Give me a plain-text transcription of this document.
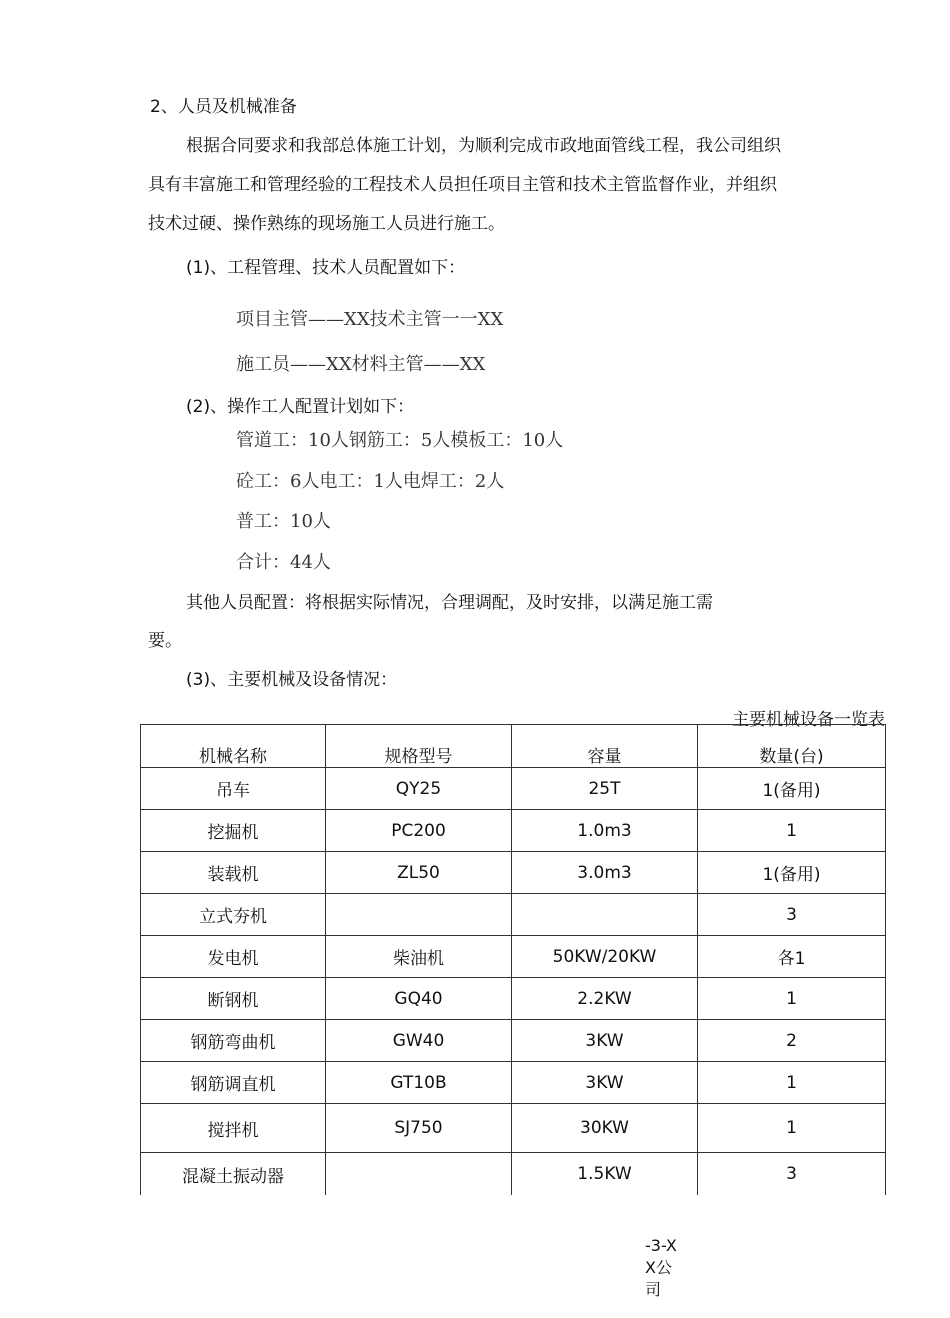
2、人员及机械准备
根据合同要求和我部总体施工计划，为顺利完成市政地面管线工程，我公司组织
具有丰富施工和管理经验的工程技术人员担任项目主管和技术主管监督作业，并组织
技术过硬、操作熟练的现场施工人员进行施工。
(1)、工程管理、技术人员配置如下：
项目主管——XX技术主管一一XX
施工员——XX材料主管——XX
(2)、操作工人配置计划如下：
管道工：10人钢筋工：5人模板工：10人
砼工：6人电工：1人电焊工：2人
普工：10人
合计：44人
其他人员配置：将根据实际情况，合理调配，及时安排，以满足施工需
要。
(3)、主要机械及设备情况：
主要机械设备一览表
机械名称	规格型号	容量	数量(台)
吊车	QY25	25T	1(备用)
挖掘机	PC200	1.0m3	1
装载机	ZL50	3.0m3	1(备用)
立式夯机			3
发电机	柴油机	50KW/20KW	各1
断钢机	GQ40	2.2KW	1
钢筋弯曲机	GW40	3KW	2
钢筋调直机	GT10B	3KW	1
搅拌机	SJ750	30KW	1
混凝土振动器		1.5KW	3
-3-X
X公
司
